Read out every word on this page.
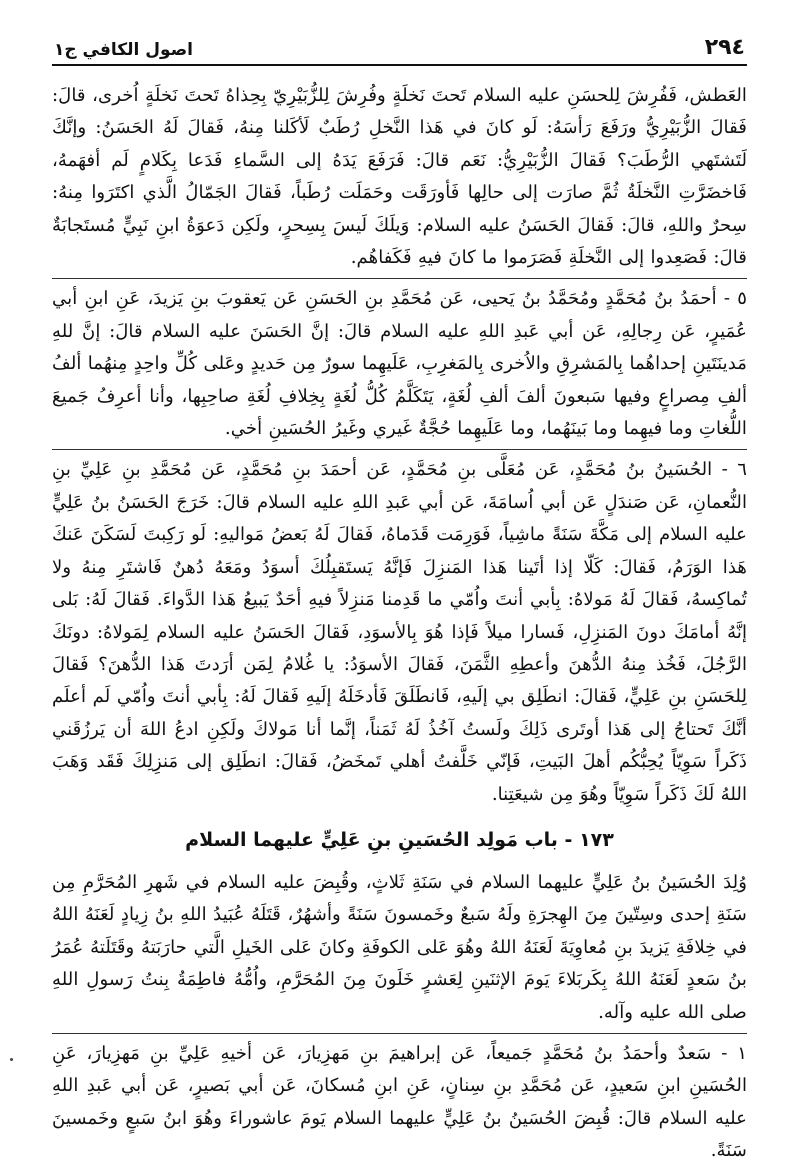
٢٩٤
اصول الكافي ج١

العَطش، فَفُرِشَ لِلحسَنِ عليه السلام تَحتَ نَخلَةٍ وفُرِشَ لِلزُّبَيْرِيّ بِحِذاهُ تَحتَ نَخلَةٍ اُخرى، قالَ: فَقالَ الزُّبَيْرِيُّ ورَفَعَ رَأسَهُ: لَو كانَ في هَذا النَّخلِ رُطَبٌ لَأكَلنا مِنهُ، فَقالَ لَهُ الحَسَنُ: وإنَّكَ لَتَشتَهي الرُّطَبَ؟ فَقالَ الزُّبَيْرِيُّ: نَعَم قالَ: فَرَفَعَ يَدَهُ إلى السَّماءِ فَدَعا بِكَلامٍ لَم أفهَمهُ، فَاخضَرَّتِ النَّخلَةُ ثُمَّ صارَت إلى حالِها فَأورَقَت وحَمَلَت رُطَباً، فَقالَ الجَمّالُ الَّذي اكتَرَوا مِنهُ: سِحرٌ واللهِ، قالَ: فَقالَ الحَسَنُ عليه السلام: وَيلَكَ لَيسَ بِسِحرٍ، ولَكِن دَعوَةُ ابنِ نَبِيٍّ مُستَجابَةٌ قالَ: فَصَعِدوا إلى النَّخلَةِ فَصَرَموا ما كانَ فيهِ فَكَفاهُم.

٥ - أحمَدُ بنُ مُحَمَّدٍ ومُحَمَّدُ بنُ يَحيى، عَن مُحَمَّدِ بنِ الحَسَنِ عَن يَعقوبَ بنِ يَزيدَ، عَنِ ابنِ أبي عُمَيرٍ، عَن رِجالِهِ، عَن أبي عَبدِ اللهِ عليه السلام قالَ: إنَّ الحَسَنَ عليه السلام قالَ: إنَّ للهِ مَدينَتَينِ إحداهُما بِالمَشرِقِ والاُخرى بِالمَغرِبِ، عَلَيهِما سورٌ مِن حَديدٍ وعَلى كُلِّ واحِدٍ مِنهُما ألفُ ألفِ مِصراعٍ وفيها سَبعونَ ألفَ ألفِ لُغَةٍ، يَتَكَلَّمُ كُلُّ لُغَةٍ بِخِلافِ لُغَةِ صاحِبِها، وأنا أعرِفُ جَميعَ اللُّغاتِ وما فيهِما وما بَينَهُما، وما عَلَيهِما حُجَّةٌ غَيري وغَيرُ الحُسَينِ أخي.

٦ - الحُسَينُ بنُ مُحَمَّدٍ، عَن مُعَلَّى بنِ مُحَمَّدٍ، عَن أحمَدَ بنِ مُحَمَّدٍ، عَن مُحَمَّدِ بنِ عَلِيِّ بنِ النُّعمانِ، عَن صَندَلٍ عَن أبي اُسامَةَ، عَن أبي عَبدِ اللهِ عليه السلام قالَ: خَرَجَ الحَسَنُ بنُ عَلِيٍّ عليه السلام إلى مَكَّةَ سَنَةً ماشِياً، فَوَرِمَت قَدَماهُ، فَقالَ لَهُ بَعضُ مَواليهِ: لَو رَكِبتَ لَسَكَنَ عَنكَ هَذا الوَرَمُ، فَقالَ: كَلّا إذا أتَينا هَذا المَنزِلَ فَإنَّهُ يَستَقبِلُكَ أسوَدُ ومَعَهُ دُهنٌ فَاشتَرِ مِنهُ ولا تُماكِسهُ، فَقالَ لَهُ مَولاهُ: بِأبي أنتَ واُمّي ما قَدِمنا مَنزِلاً فيهِ أحَدٌ يَبيعُ هَذا الدَّواءَ. فَقالَ لَهُ: بَلى إنَّهُ أمامَكَ دونَ المَنزِلِ، فَسارا ميلاً فَإذا هُوَ بِالأسوَدِ، فَقالَ الحَسَنُ عليه السلام لِمَولاهُ: دونَكَ الرَّجُلَ، فَخُذ مِنهُ الدُّهنَ وأعطِهِ الثَّمَنَ، فَقالَ الأسوَدُ: يا غُلامُ لِمَن أرَدتَ هَذا الدُّهنَ؟ فَقالَ لِلحَسَنِ بنِ عَلِيٍّ، فَقالَ: انطَلِق بي إلَيهِ، فَانطَلَقَ فَأدخَلَهُ إلَيهِ فَقالَ لَهُ: بِأبي أنتَ واُمّي لَم أعلَم أنَّكَ تَحتاجُ إلى هَذا أوتَرى ذَلِكَ ولَستُ آخُذُ لَهُ ثَمَناً، إنَّما أنا مَولاكَ ولَكِنِ ادعُ اللهَ أن يَرزُقَني ذَكَراً سَوِيّاً يُحِبُّكُم أهلَ البَيتِ، فَإنّي خَلَّفتُ أهلي تَمخَضُ، فَقالَ: انطَلِق إلى مَنزِلِكَ فَقَد وَهَبَ اللهُ لَكَ ذَكَراً سَوِيّاً وهُوَ مِن شيعَتِنا.

١٧٣ - باب مَولِد الحُسَينِ بنِ عَلِيٍّ عليهما السلام

وُلِدَ الحُسَينُ بنُ عَلِيٍّ عليهما السلام في سَنَةِ ثَلاثٍ، وقُبِضَ عليه السلام في شَهرِ المُحَرَّمِ مِن سَنَةِ إحدى وسِتّينَ مِنَ الهِجرَةِ ولَهُ سَبعٌ وخَمسونَ سَنَةً وأشهُرٌ، قَتَلَهُ عُبَيدُ اللهِ بنُ زِيادٍ لَعَنَهُ اللهُ في خِلافَةِ يَزيدَ بنِ مُعاوِيَةَ لَعَنَهُ اللهُ وهُوَ عَلى الكوفَةِ وكانَ عَلى الخَيلِ الَّتي حارَبَتهُ وقَتَلَتهُ عُمَرُ بنُ سَعدٍ لَعَنَهُ اللهُ بِكَربَلاءَ يَومَ الإثنَينِ لِعَشرٍ خَلَونَ مِنَ المُحَرَّمِ، واُمُّهُ فاطِمَةُ بِنتُ رَسولِ اللهِ صلى الله عليه وآله.

١ - سَعدٌ وأحمَدُ بنُ مُحَمَّدٍ جَميعاً، عَن إبراهيمَ بنِ مَهزِيارَ، عَن أخيهِ عَلِيِّ بنِ مَهزِيارَ، عَنِ الحُسَينِ ابنِ سَعيدٍ، عَن مُحَمَّدِ بنِ سِنانٍ، عَنِ ابنِ مُسكانَ، عَن أبي بَصيرٍ، عَن أبي عَبدِ اللهِ عليه السلام قالَ: قُبِضَ الحُسَينُ بنُ عَلِيٍّ عليهما السلام يَومَ عاشوراءَ وهُوَ ابنُ سَبعٍ وخَمسينَ سَنَةً.
